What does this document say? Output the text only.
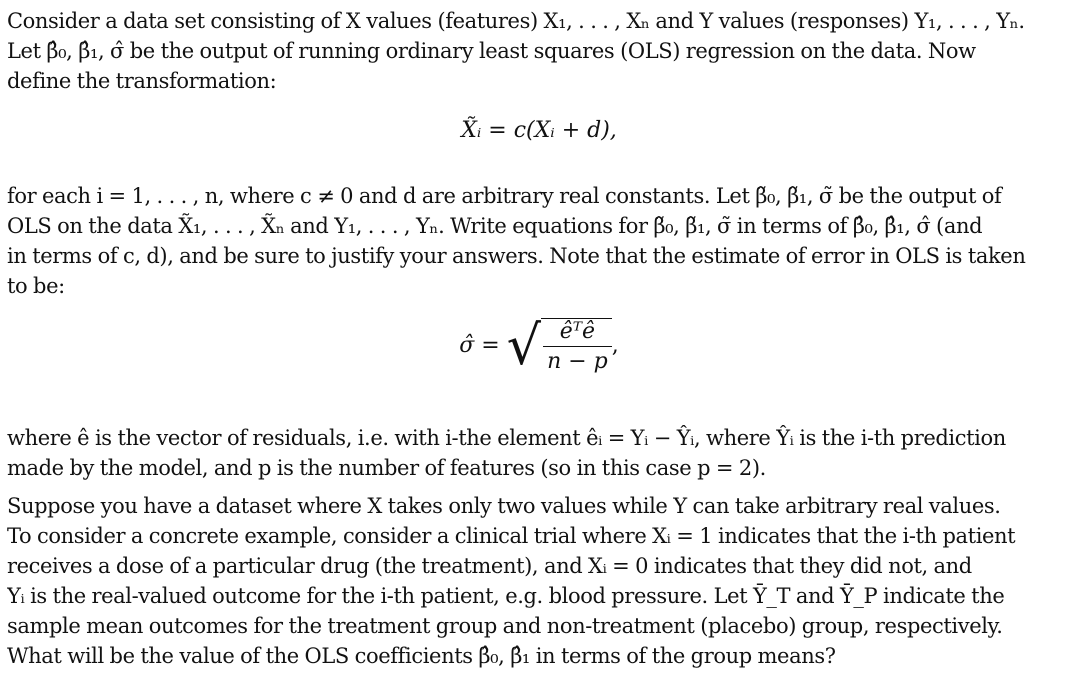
Consider a data set consisting of X values (features) X₁, . . . , Xₙ and Y values (responses) Y₁, . . . , Yₙ.
Let β̂₀, β̂₁, σ̂ be the output of running ordinary least squares (OLS) regression on the data. Now
define the transformation:
X̃ᵢ = c(Xᵢ + d),
for each i = 1, . . . , n, where c ≠ 0 and d are arbitrary real constants. Let β̃₀, β̃₁, σ̃ be the output of
OLS on the data X̃₁, . . . , X̃ₙ and Y₁, . . . , Yₙ. Write equations for β̃₀, β̃₁, σ̃ in terms of β̂₀, β̂₁, σ̂ (and
in terms of c, d), and be sure to justify your answers. Note that the estimate of error in OLS is taken
to be:
σ̂ = √ $\frac{\text{êᵀê}}{n - p}$ ,
where ê is the vector of residuals, i.e. with i-the element êᵢ = Yᵢ − Ŷᵢ, where Ŷᵢ is the i-th prediction
made by the model, and p is the number of features (so in this case p = 2).
Suppose you have a dataset where X takes only two values while Y can take arbitrary real values.
To consider a concrete example, consider a clinical trial where Xᵢ = 1 indicates that the i-th patient
receives a dose of a particular drug (the treatment), and Xᵢ = 0 indicates that they did not, and
Yᵢ is the real-valued outcome for the i-th patient, e.g. blood pressure. Let Ȳ_T and Ȳ_P indicate the
sample mean outcomes for the treatment group and non-treatment (placebo) group, respectively.
What will be the value of the OLS coefficients β̂₀, β̂₁ in terms of the group means?
